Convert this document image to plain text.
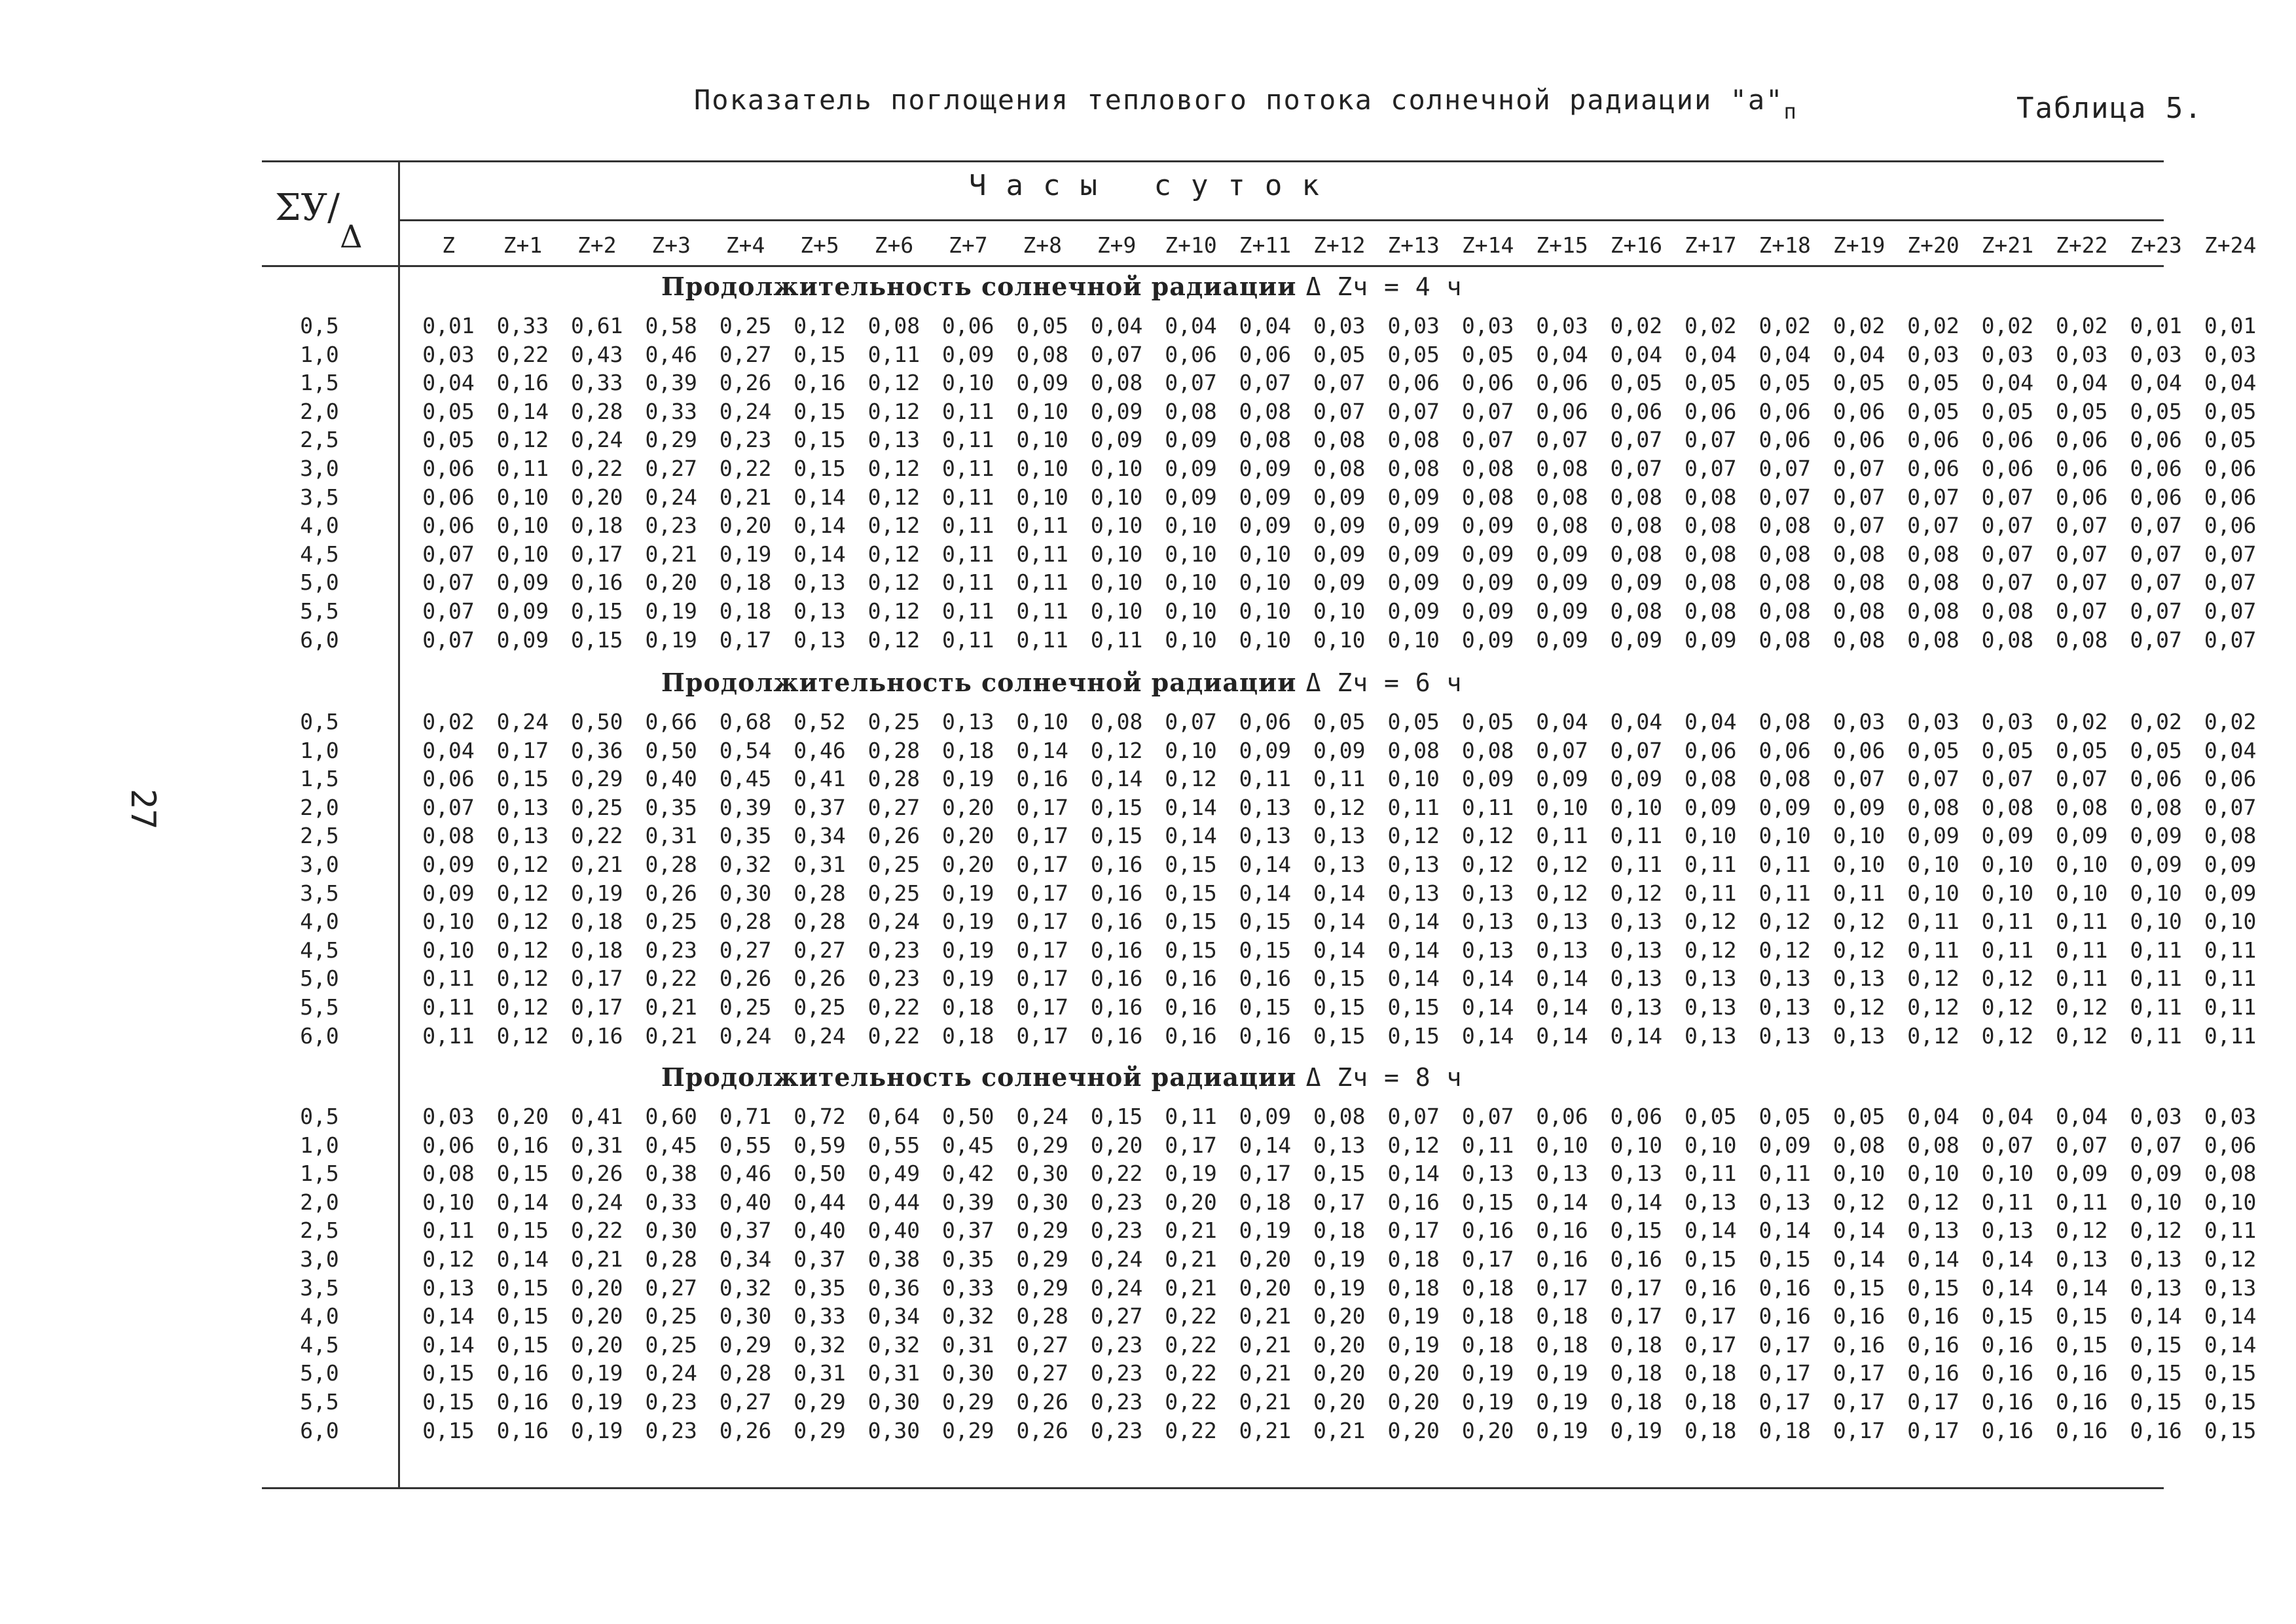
27
Показатель поглощения теплового потока солнечной радиации "$а"_п$	Таблица 5.
ΣУ/Δ
Часы суток
Z	Z+1	Z+2	Z+3	Z+4	Z+5	Z+6	Z+7	Z+8	Z+9	Z+10	Z+11	Z+12	Z+13	Z+14	Z+15	Z+16	Z+17	Z+18	Z+19	Z+20	Z+21	Z+22	Z+23	Z+24
Продолжительность солнечной радиации Δ Zч = 4 ч
0,5	0,01	0,33	0,61	0,58	0,25	0,12	0,08	0,06	0,05	0,04	0,04	0,04	0,03	0,03	0,03	0,03	0,02	0,02	0,02	0,02	0,02	0,02	0,02	0,01	0,01
1,0	0,03	0,22	0,43	0,46	0,27	0,15	0,11	0,09	0,08	0,07	0,06	0,06	0,05	0,05	0,05	0,04	0,04	0,04	0,04	0,04	0,03	0,03	0,03	0,03	0,03
1,5	0,04	0,16	0,33	0,39	0,26	0,16	0,12	0,10	0,09	0,08	0,07	0,07	0,07	0,06	0,06	0,06	0,05	0,05	0,05	0,05	0,05	0,04	0,04	0,04	0,04
2,0	0,05	0,14	0,28	0,33	0,24	0,15	0,12	0,11	0,10	0,09	0,08	0,08	0,07	0,07	0,07	0,06	0,06	0,06	0,06	0,06	0,05	0,05	0,05	0,05	0,05
2,5	0,05	0,12	0,24	0,29	0,23	0,15	0,13	0,11	0,10	0,09	0,09	0,08	0,08	0,08	0,07	0,07	0,07	0,07	0,06	0,06	0,06	0,06	0,06	0,06	0,05
3,0	0,06	0,11	0,22	0,27	0,22	0,15	0,12	0,11	0,10	0,10	0,09	0,09	0,08	0,08	0,08	0,08	0,07	0,07	0,07	0,07	0,06	0,06	0,06	0,06	0,06
3,5	0,06	0,10	0,20	0,24	0,21	0,14	0,12	0,11	0,10	0,10	0,09	0,09	0,09	0,09	0,08	0,08	0,08	0,08	0,07	0,07	0,07	0,07	0,06	0,06	0,06
4,0	0,06	0,10	0,18	0,23	0,20	0,14	0,12	0,11	0,11	0,10	0,10	0,09	0,09	0,09	0,09	0,08	0,08	0,08	0,08	0,07	0,07	0,07	0,07	0,07	0,06
4,5	0,07	0,10	0,17	0,21	0,19	0,14	0,12	0,11	0,11	0,10	0,10	0,10	0,09	0,09	0,09	0,09	0,08	0,08	0,08	0,08	0,08	0,07	0,07	0,07	0,07
5,0	0,07	0,09	0,16	0,20	0,18	0,13	0,12	0,11	0,11	0,10	0,10	0,10	0,09	0,09	0,09	0,09	0,09	0,08	0,08	0,08	0,08	0,07	0,07	0,07	0,07
5,5	0,07	0,09	0,15	0,19	0,18	0,13	0,12	0,11	0,11	0,10	0,10	0,10	0,10	0,09	0,09	0,09	0,08	0,08	0,08	0,08	0,08	0,08	0,07	0,07	0,07
6,0	0,07	0,09	0,15	0,19	0,17	0,13	0,12	0,11	0,11	0,11	0,10	0,10	0,10	0,10	0,09	0,09	0,09	0,09	0,08	0,08	0,08	0,08	0,08	0,07	0,07
Продолжительность солнечной радиации Δ Zч = 6 ч
0,5	0,02	0,24	0,50	0,66	0,68	0,52	0,25	0,13	0,10	0,08	0,07	0,06	0,05	0,05	0,05	0,04	0,04	0,04	0,08	0,03	0,03	0,03	0,02	0,02	0,02
1,0	0,04	0,17	0,36	0,50	0,54	0,46	0,28	0,18	0,14	0,12	0,10	0,09	0,09	0,08	0,08	0,07	0,07	0,06	0,06	0,06	0,05	0,05	0,05	0,05	0,04
1,5	0,06	0,15	0,29	0,40	0,45	0,41	0,28	0,19	0,16	0,14	0,12	0,11	0,11	0,10	0,09	0,09	0,09	0,08	0,08	0,07	0,07	0,07	0,07	0,06	0,06
2,0	0,07	0,13	0,25	0,35	0,39	0,37	0,27	0,20	0,17	0,15	0,14	0,13	0,12	0,11	0,11	0,10	0,10	0,09	0,09	0,09	0,08	0,08	0,08	0,08	0,07
2,5	0,08	0,13	0,22	0,31	0,35	0,34	0,26	0,20	0,17	0,15	0,14	0,13	0,13	0,12	0,12	0,11	0,11	0,10	0,10	0,10	0,09	0,09	0,09	0,09	0,08
3,0	0,09	0,12	0,21	0,28	0,32	0,31	0,25	0,20	0,17	0,16	0,15	0,14	0,13	0,13	0,12	0,12	0,11	0,11	0,11	0,10	0,10	0,10	0,10	0,09	0,09
3,5	0,09	0,12	0,19	0,26	0,30	0,28	0,25	0,19	0,17	0,16	0,15	0,14	0,14	0,13	0,13	0,12	0,12	0,11	0,11	0,11	0,10	0,10	0,10	0,10	0,09
4,0	0,10	0,12	0,18	0,25	0,28	0,28	0,24	0,19	0,17	0,16	0,15	0,15	0,14	0,14	0,13	0,13	0,13	0,12	0,12	0,12	0,11	0,11	0,11	0,10	0,10
4,5	0,10	0,12	0,18	0,23	0,27	0,27	0,23	0,19	0,17	0,16	0,15	0,15	0,14	0,14	0,13	0,13	0,13	0,12	0,12	0,12	0,11	0,11	0,11	0,11	0,11
5,0	0,11	0,12	0,17	0,22	0,26	0,26	0,23	0,19	0,17	0,16	0,16	0,16	0,15	0,14	0,14	0,14	0,13	0,13	0,13	0,13	0,12	0,12	0,11	0,11	0,11
5,5	0,11	0,12	0,17	0,21	0,25	0,25	0,22	0,18	0,17	0,16	0,16	0,15	0,15	0,15	0,14	0,14	0,13	0,13	0,13	0,12	0,12	0,12	0,12	0,11	0,11
6,0	0,11	0,12	0,16	0,21	0,24	0,24	0,22	0,18	0,17	0,16	0,16	0,16	0,15	0,15	0,14	0,14	0,14	0,13	0,13	0,13	0,12	0,12	0,12	0,11	0,11
Продолжительность солнечной радиации Δ Zч = 8 ч
0,5	0,03	0,20	0,41	0,60	0,71	0,72	0,64	0,50	0,24	0,15	0,11	0,09	0,08	0,07	0,07	0,06	0,06	0,05	0,05	0,05	0,04	0,04	0,04	0,03	0,03
1,0	0,06	0,16	0,31	0,45	0,55	0,59	0,55	0,45	0,29	0,20	0,17	0,14	0,13	0,12	0,11	0,10	0,10	0,10	0,09	0,08	0,08	0,07	0,07	0,07	0,06
1,5	0,08	0,15	0,26	0,38	0,46	0,50	0,49	0,42	0,30	0,22	0,19	0,17	0,15	0,14	0,13	0,13	0,13	0,11	0,11	0,10	0,10	0,10	0,09	0,09	0,08
2,0	0,10	0,14	0,24	0,33	0,40	0,44	0,44	0,39	0,30	0,23	0,20	0,18	0,17	0,16	0,15	0,14	0,14	0,13	0,13	0,12	0,12	0,11	0,11	0,10	0,10
2,5	0,11	0,15	0,22	0,30	0,37	0,40	0,40	0,37	0,29	0,23	0,21	0,19	0,18	0,17	0,16	0,16	0,15	0,14	0,14	0,14	0,13	0,13	0,12	0,12	0,11
3,0	0,12	0,14	0,21	0,28	0,34	0,37	0,38	0,35	0,29	0,24	0,21	0,20	0,19	0,18	0,17	0,16	0,16	0,15	0,15	0,14	0,14	0,14	0,13	0,13	0,12
3,5	0,13	0,15	0,20	0,27	0,32	0,35	0,36	0,33	0,29	0,24	0,21	0,20	0,19	0,18	0,18	0,17	0,17	0,16	0,16	0,15	0,15	0,14	0,14	0,13	0,13
4,0	0,14	0,15	0,20	0,25	0,30	0,33	0,34	0,32	0,28	0,27	0,22	0,21	0,20	0,19	0,18	0,18	0,17	0,17	0,16	0,16	0,16	0,15	0,15	0,14	0,14
4,5	0,14	0,15	0,20	0,25	0,29	0,32	0,32	0,31	0,27	0,23	0,22	0,21	0,20	0,19	0,18	0,18	0,18	0,17	0,17	0,16	0,16	0,16	0,15	0,15	0,14
5,0	0,15	0,16	0,19	0,24	0,28	0,31	0,31	0,30	0,27	0,23	0,22	0,21	0,20	0,20	0,19	0,19	0,18	0,18	0,17	0,17	0,16	0,16	0,16	0,15	0,15
5,5	0,15	0,16	0,19	0,23	0,27	0,29	0,30	0,29	0,26	0,23	0,22	0,21	0,20	0,20	0,19	0,19	0,18	0,18	0,17	0,17	0,17	0,16	0,16	0,15	0,15
6,0	0,15	0,16	0,19	0,23	0,26	0,29	0,30	0,29	0,26	0,23	0,22	0,21	0,21	0,20	0,20	0,19	0,19	0,18	0,18	0,17	0,17	0,16	0,16	0,16	0,15
